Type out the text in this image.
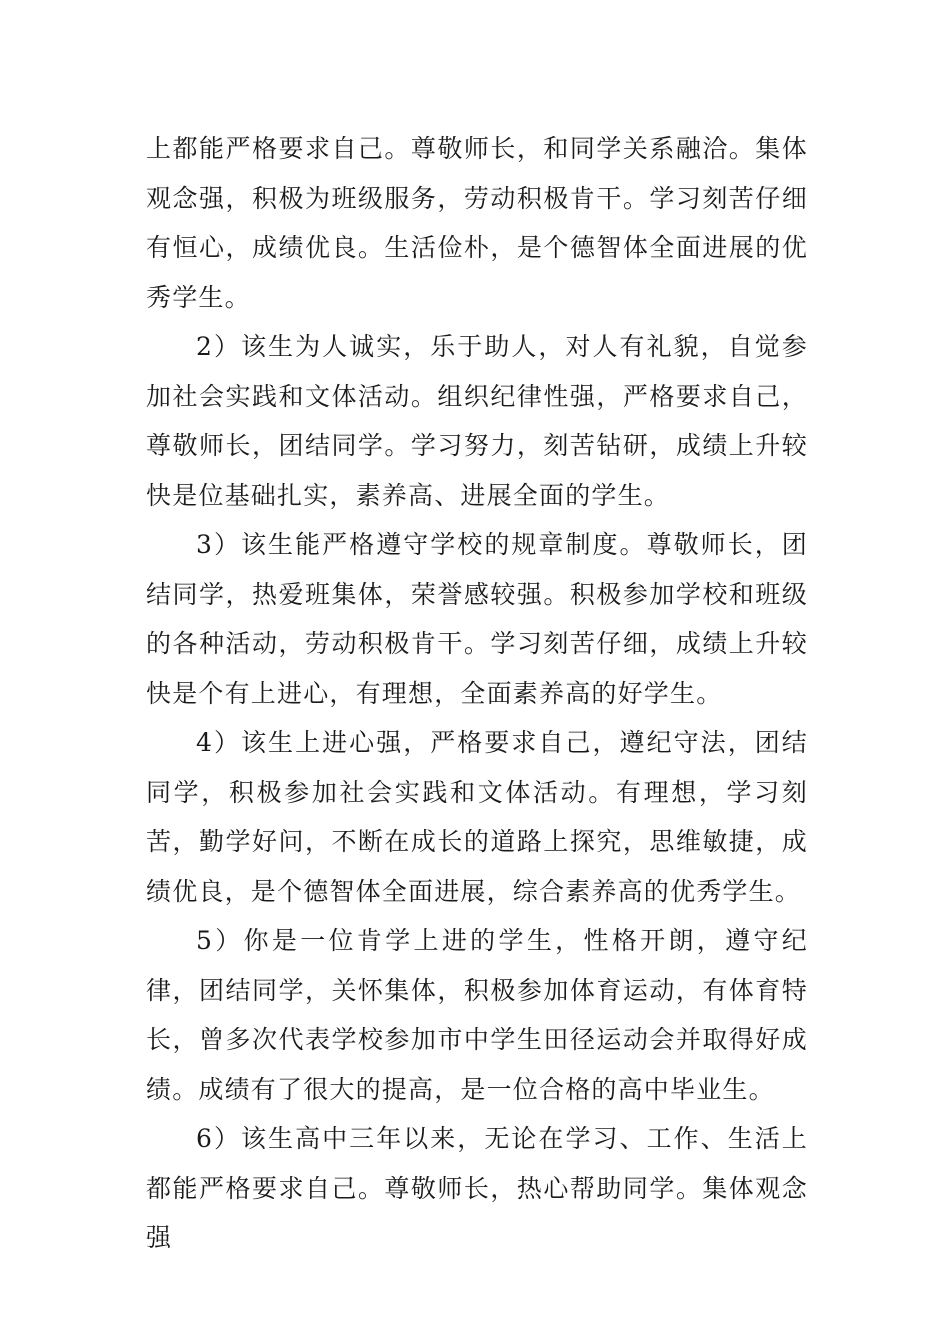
上都能严格要求自己。尊敬师长，和同学关系融洽。集体观念强，积极为班级服务，劳动积极肯干。学习刻苦仔细有恒心，成绩优良。生活俭朴，是个德智体全面进展的优秀学生。

2）该生为人诚实，乐于助人，对人有礼貌，自觉参加社会实践和文体活动。组织纪律性强，严格要求自己，尊敬师长，团结同学。学习努力，刻苦钻研，成绩上升较快是位基础扎实，素养高、进展全面的学生。

3）该生能严格遵守学校的规章制度。尊敬师长，团结同学，热爱班集体，荣誉感较强。积极参加学校和班级的各种活动，劳动积极肯干。学习刻苦仔细，成绩上升较快是个有上进心，有理想，全面素养高的好学生。

4）该生上进心强，严格要求自己，遵纪守法，团结同学，积极参加社会实践和文体活动。有理想，学习刻苦，勤学好问，不断在成长的道路上探究，思维敏捷，成绩优良，是个德智体全面进展，综合素养高的优秀学生。

5）你是一位肯学上进的学生，性格开朗，遵守纪律，团结同学，关怀集体，积极参加体育运动，有体育特长，曾多次代表学校参加市中学生田径运动会并取得好成绩。成绩有了很大的提高，是一位合格的高中毕业生。

6）该生高中三年以来，无论在学习、工作、生活上都能严格要求自己。尊敬师长，热心帮助同学。集体观念强
